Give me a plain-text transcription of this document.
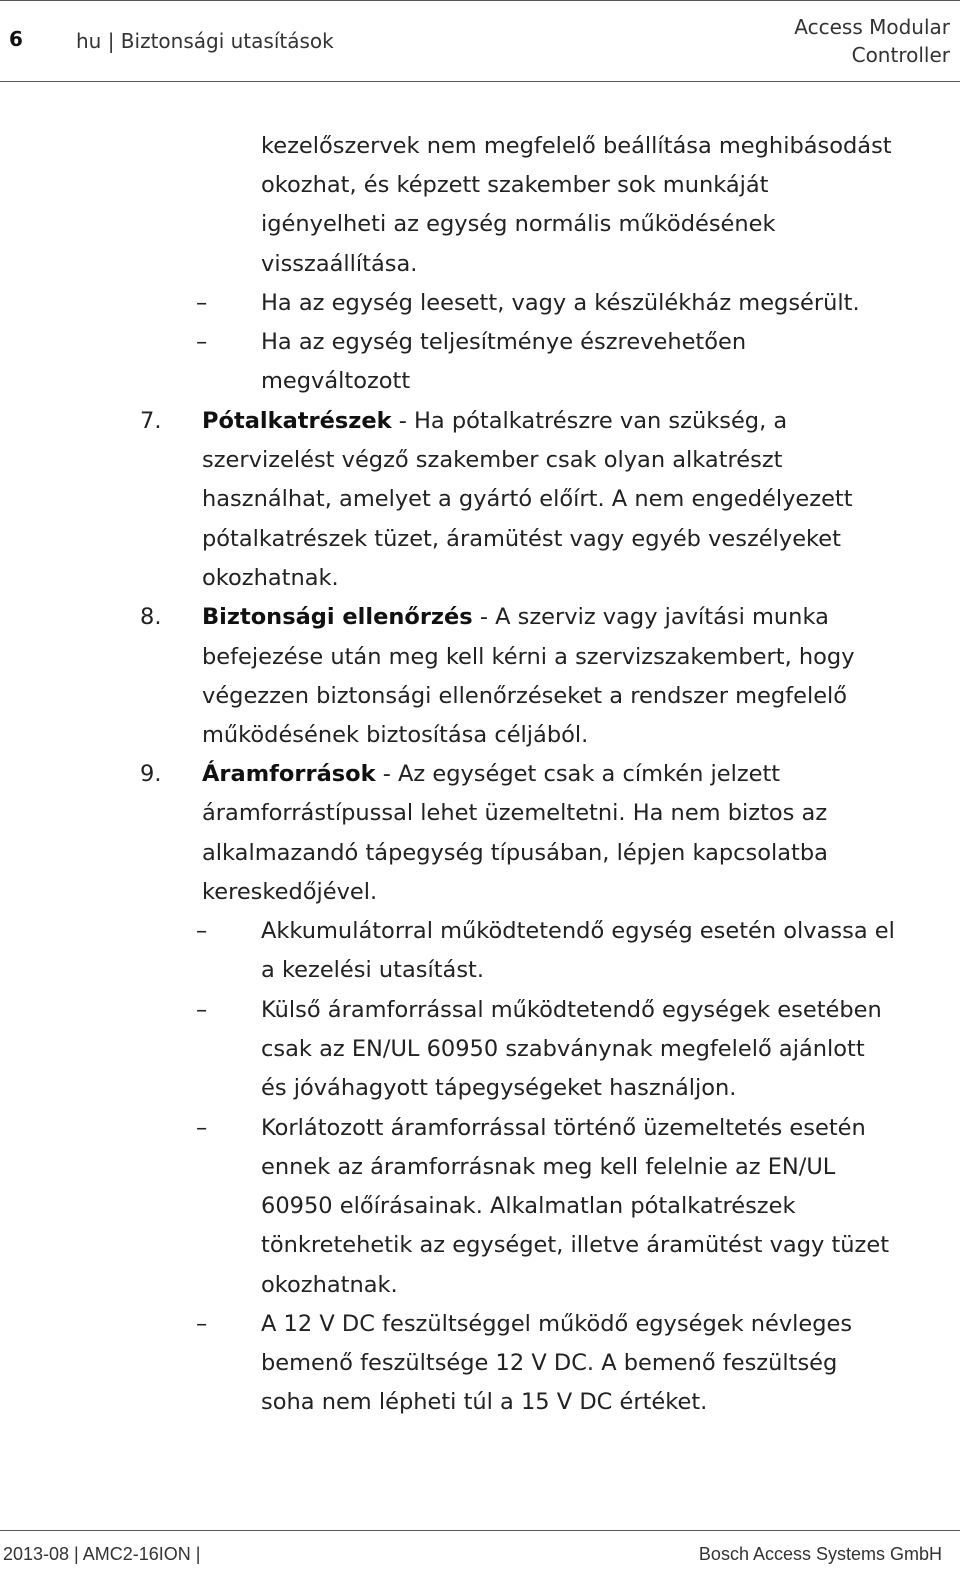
6	hu | Biztonsági utasítások
Access Modular
Controller
kezelőszervek nem megfelelő beállítása meghibásodást
okozhat, és képzett szakember sok munkáját
igényelheti az egység normális működésének
visszaállítása.
– Ha az egység leesett, vagy a készülékház megsérült.
– Ha az egység teljesítménye észrevehetően
megváltozott
7. Pótalkatrészek - Ha pótalkatrészre van szükség, a
szervizelést végző szakember csak olyan alkatrészt
használhat, amelyet a gyártó előírt. A nem engedélyezett
pótalkatrészek tüzet, áramütést vagy egyéb veszélyeket
okozhatnak.
8. Biztonsági ellenőrzés - A szerviz vagy javítási munka
befejezése után meg kell kérni a szervizszakembert, hogy
végezzen biztonsági ellenőrzéseket a rendszer megfelelő
működésének biztosítása céljából.
9. Áramforrások - Az egységet csak a címkén jelzett
áramforrástípussal lehet üzemeltetni. Ha nem biztos az
alkalmazandó tápegység típusában, lépjen kapcsolatba
kereskedőjével.
– Akkumulátorral működtetendő egység esetén olvassa el
a kezelési utasítást.
– Külső áramforrással működtetendő egységek esetében
csak az EN/UL 60950 szabványnak megfelelő ajánlott
és jóváhagyott tápegységeket használjon.
– Korlátozott áramforrással történő üzemeltetés esetén
ennek az áramforrásnak meg kell felelnie az EN/UL
60950 előírásainak. Alkalmatlan pótalkatrészek
tönkretehetik az egységet, illetve áramütést vagy tüzet
okozhatnak.
– A 12 V DC feszültséggel működő egységek névleges
bemenő feszültsége 12 V DC. A bemenő feszültség
soha nem lépheti túl a 15 V DC értéket.
2013-08 | AMC2-16ION |	Bosch Access Systems GmbH
